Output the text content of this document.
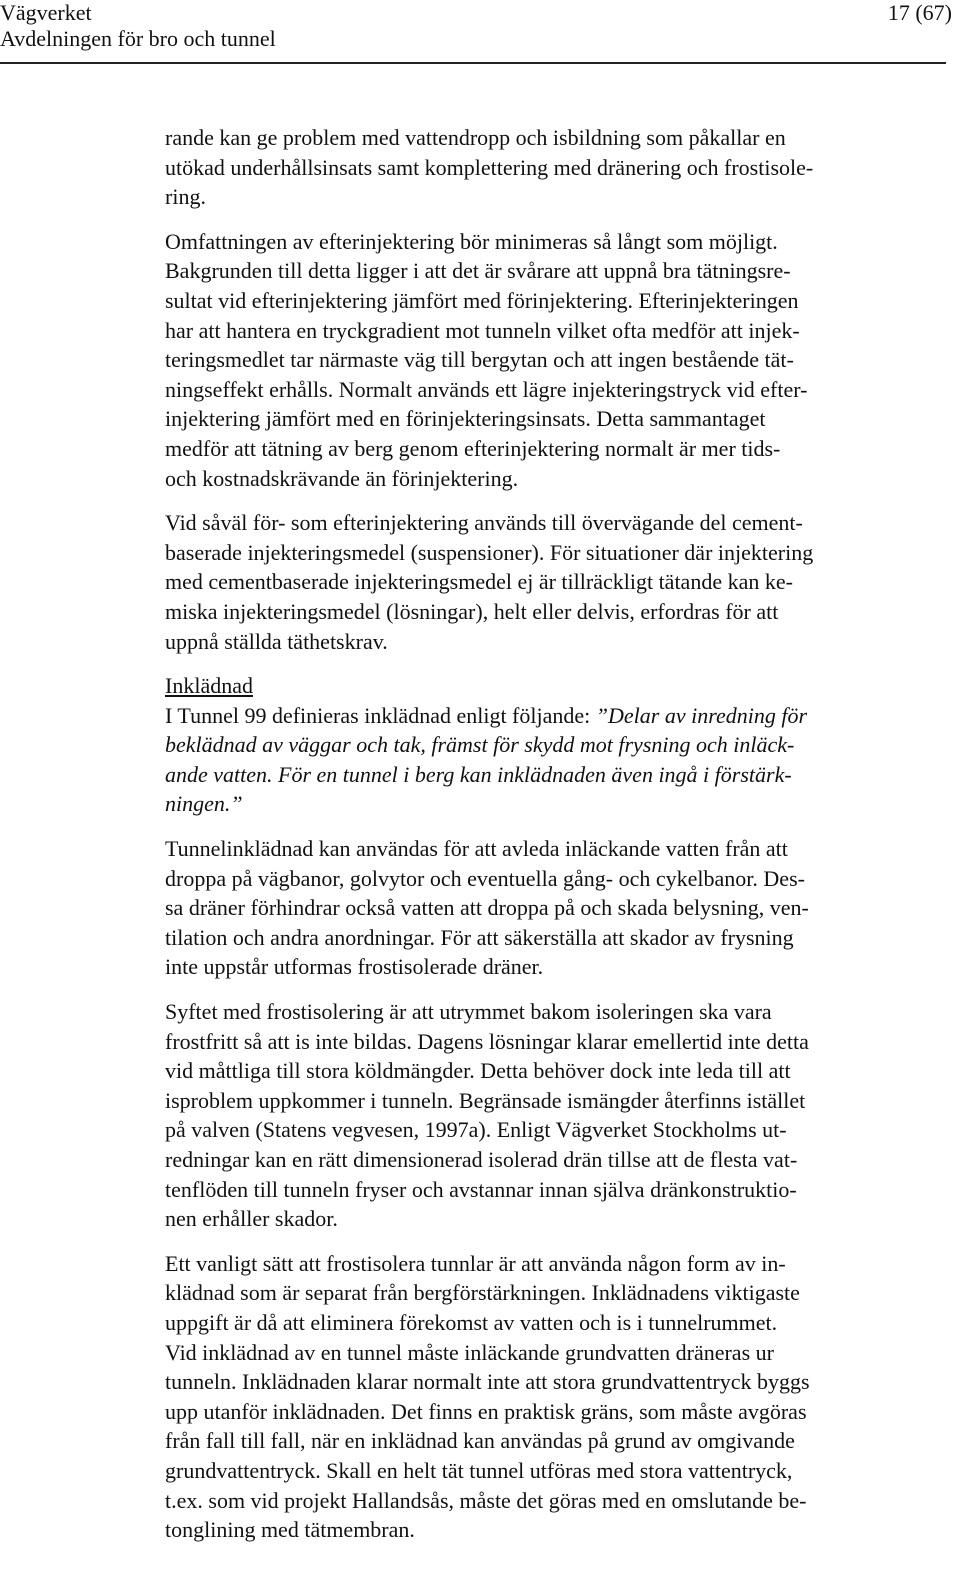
Vägverket
Avdelningen för bro och tunnel
17 (67)

rande kan ge problem med vattendropp och isbildning som påkallar en
utökad underhållsinsats samt komplettering med dränering och frostisole-
ring.

Omfattningen av efterinjektering bör minimeras så långt som möjligt.
Bakgrunden till detta ligger i att det är svårare att uppnå bra tätningsre-
sultat vid efterinjektering jämfört med förinjektering. Efterinjekteringen
har att hantera en tryckgradient mot tunneln vilket ofta medför att injek-
teringsmedlet tar närmaste väg till bergytan och att ingen bestående tät-
ningseffekt erhålls. Normalt används ett lägre injekteringstryck vid efter-
injektering jämfört med en förinjekteringsinsats. Detta sammantaget
medför att tätning av berg genom efterinjektering normalt är mer tids-
och kostnadskrävande än förinjektering.

Vid såväl för- som efterinjektering används till övervägande del cement-
baserade injekteringsmedel (suspensioner). För situationer där injektering
med cementbaserade injekteringsmedel ej är tillräckligt tätande kan ke-
miska injekteringsmedel (lösningar), helt eller delvis, erfordras för att
uppnå ställda täthetskrav.

Inklädnad
I Tunnel 99 definieras inklädnad enligt följande: ”Delar av inredning för
beklädnad av väggar och tak, främst för skydd mot frysning och inläck-
ande vatten. För en tunnel i berg kan inklädnaden även ingå i förstärk-
ningen.”

Tunnelinklädnad kan användas för att avleda inläckande vatten från att
droppa på vägbanor, golvytor och eventuella gång- och cykelbanor. Des-
sa dräner förhindrar också vatten att droppa på och skada belysning, ven-
tilation och andra anordningar. För att säkerställa att skador av frysning
inte uppstår utformas frostisolerade dräner.

Syftet med frostisolering är att utrymmet bakom isoleringen ska vara
frostfritt så att is inte bildas. Dagens lösningar klarar emellertid inte detta
vid måttliga till stora köldmängder. Detta behöver dock inte leda till att
isproblem uppkommer i tunneln. Begränsade ismängder återfinns istället
på valven (Statens vegvesen, 1997a). Enligt Vägverket Stockholms ut-
redningar kan en rätt dimensionerad isolerad drän tillse att de flesta vat-
tenflöden till tunneln fryser och avstannar innan själva dränkonstruktio-
nen erhåller skador.

Ett vanligt sätt att frostisolera tunnlar är att använda någon form av in-
klädnad som är separat från bergförstärkningen. Inklädnadens viktigaste
uppgift är då att eliminera förekomst av vatten och is i tunnelrummet.
Vid inklädnad av en tunnel måste inläckande grundvatten dräneras ur
tunneln. Inklädnaden klarar normalt inte att stora grundvattentryck byggs
upp utanför inklädnaden. Det finns en praktisk gräns, som måste avgöras
från fall till fall, när en inklädnad kan användas på grund av omgivande
grundvattentryck. Skall en helt tät tunnel utföras med stora vattentryck,
t.ex. som vid projekt Hallandsås, måste det göras med en omslutande be-
tonglining med tätmembran.
